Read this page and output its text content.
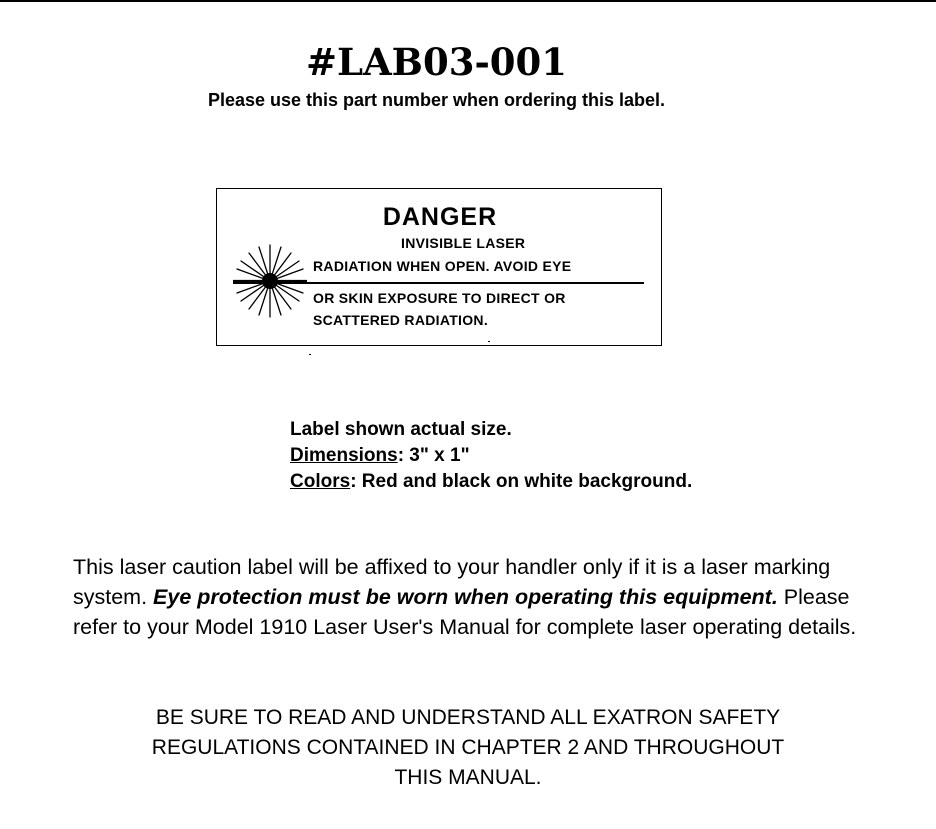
#LAB03-001
Please use this part number when ordering this label.
DANGER
INVISIBLE LASER
RADIATION WHEN OPEN. AVOID EYE
OR SKIN EXPOSURE TO DIRECT OR
SCATTERED RADIATION.
Label shown actual size.
Dimensions: 3" x 1"
Colors: Red and black on white background.
This laser caution label will be affixed to your handler only if it is a laser marking system. Eye protection must be worn when operating this equipment. Please refer to your Model 1910 Laser User's Manual for complete laser operating details.
BE SURE TO READ AND UNDERSTAND ALL EXATRON SAFETY
REGULATIONS CONTAINED IN CHAPTER 2 AND THROUGHOUT
THIS MANUAL.
